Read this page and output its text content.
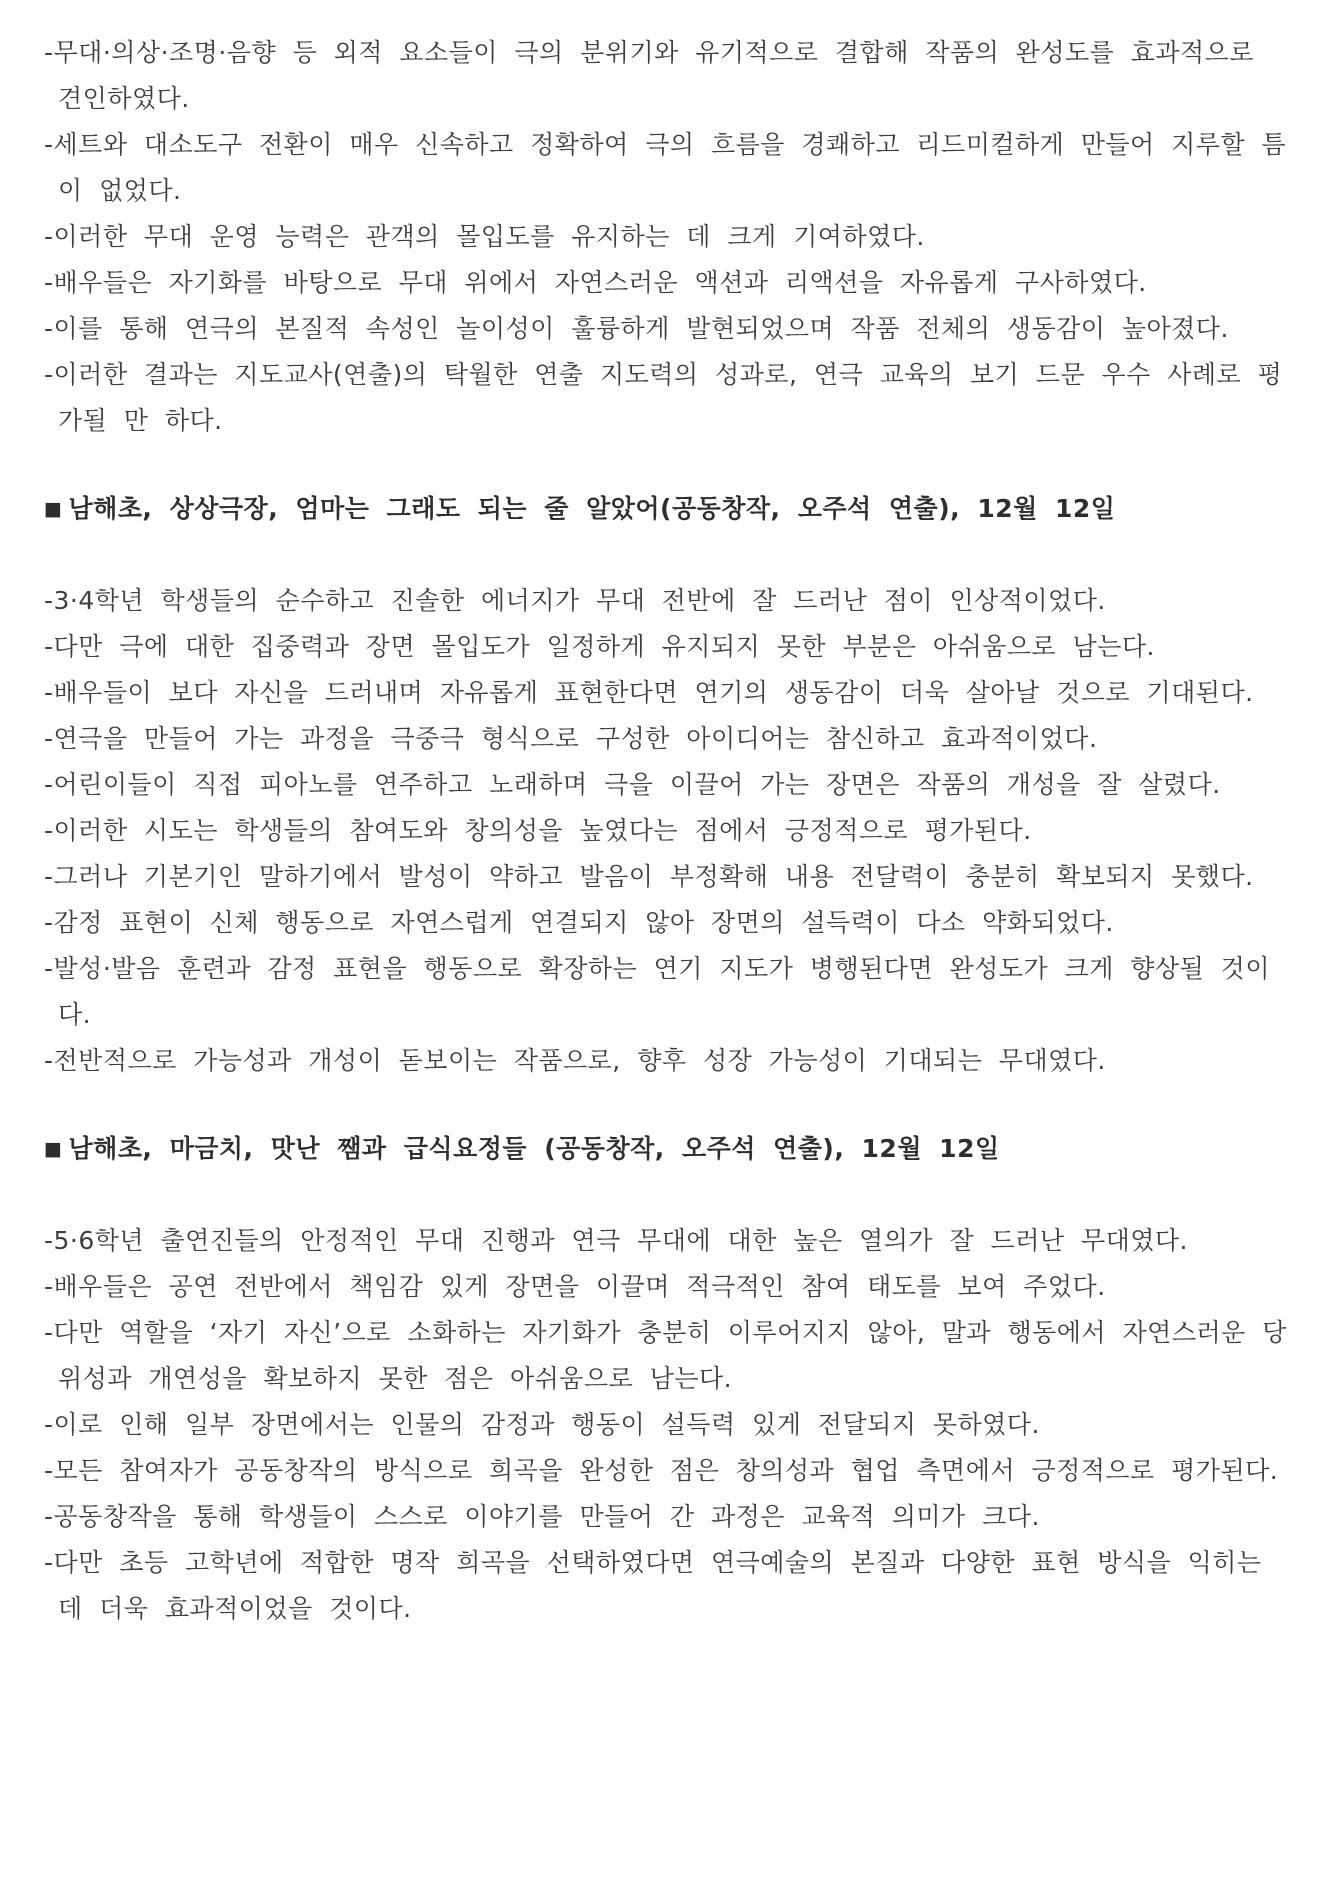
-무대·의상·조명·음향 등 외적 요소들이 극의 분위기와 유기적으로 결합해 작품의 완성도를 효과적으로 견인하였다.

-세트와 대소도구 전환이 매우 신속하고 정확하여 극의 흐름을 경쾌하고 리드미컬하게 만들어 지루할 틈이 없었다.

-이러한 무대 운영 능력은 관객의 몰입도를 유지하는 데 크게 기여하였다.

-배우들은 자기화를 바탕으로 무대 위에서 자연스러운 액션과 리액션을 자유롭게 구사하였다.

-이를 통해 연극의 본질적 속성인 놀이성이 훌륭하게 발현되었으며 작품 전체의 생동감이 높아졌다.

-이러한 결과는 지도교사(연출)의 탁월한 연출 지도력의 성과로, 연극 교육의 보기 드문 우수 사례로 평가될 만 하다.

■ 남해초, 상상극장, 엄마는 그래도 되는 줄 알았어(공동창작, 오주석 연출), 12월 12일

-3·4학년 학생들의 순수하고 진솔한 에너지가 무대 전반에 잘 드러난 점이 인상적이었다.

-다만 극에 대한 집중력과 장면 몰입도가 일정하게 유지되지 못한 부분은 아쉬움으로 남는다.

-배우들이 보다 자신을 드러내며 자유롭게 표현한다면 연기의 생동감이 더욱 살아날 것으로 기대된다.

-연극을 만들어 가는 과정을 극중극 형식으로 구성한 아이디어는 참신하고 효과적이었다.

-어린이들이 직접 피아노를 연주하고 노래하며 극을 이끌어 가는 장면은 작품의 개성을 잘 살렸다.

-이러한 시도는 학생들의 참여도와 창의성을 높였다는 점에서 긍정적으로 평가된다.

-그러나 기본기인 말하기에서 발성이 약하고 발음이 부정확해 내용 전달력이 충분히 확보되지 못했다.

-감정 표현이 신체 행동으로 자연스럽게 연결되지 않아 장면의 설득력이 다소 약화되었다.

-발성·발음 훈련과 감정 표현을 행동으로 확장하는 연기 지도가 병행된다면 완성도가 크게 향상될 것이다.

-전반적으로 가능성과 개성이 돋보이는 작품으로, 향후 성장 가능성이 기대되는 무대였다.

■ 남해초, 마금치, 맛난 쨈과 급식요정들 (공동창작, 오주석 연출), 12월 12일

-5·6학년 출연진들의 안정적인 무대 진행과 연극 무대에 대한 높은 열의가 잘 드러난 무대였다.

-배우들은 공연 전반에서 책임감 있게 장면을 이끌며 적극적인 참여 태도를 보여 주었다.

-다만 역할을 ‘자기 자신’으로 소화하는 자기화가 충분히 이루어지지 않아, 말과 행동에서 자연스러운 당위성과 개연성을 확보하지 못한 점은 아쉬움으로 남는다.

-이로 인해 일부 장면에서는 인물의 감정과 행동이 설득력 있게 전달되지 못하였다.

-모든 참여자가 공동창작의 방식으로 희곡을 완성한 점은 창의성과 협업 측면에서 긍정적으로 평가된다.

-공동창작을 통해 학생들이 스스로 이야기를 만들어 간 과정은 교육적 의미가 크다.

-다만 초등 고학년에 적합한 명작 희곡을 선택하였다면 연극예술의 본질과 다양한 표현 방식을 익히는 데 더욱 효과적이었을 것이다.
